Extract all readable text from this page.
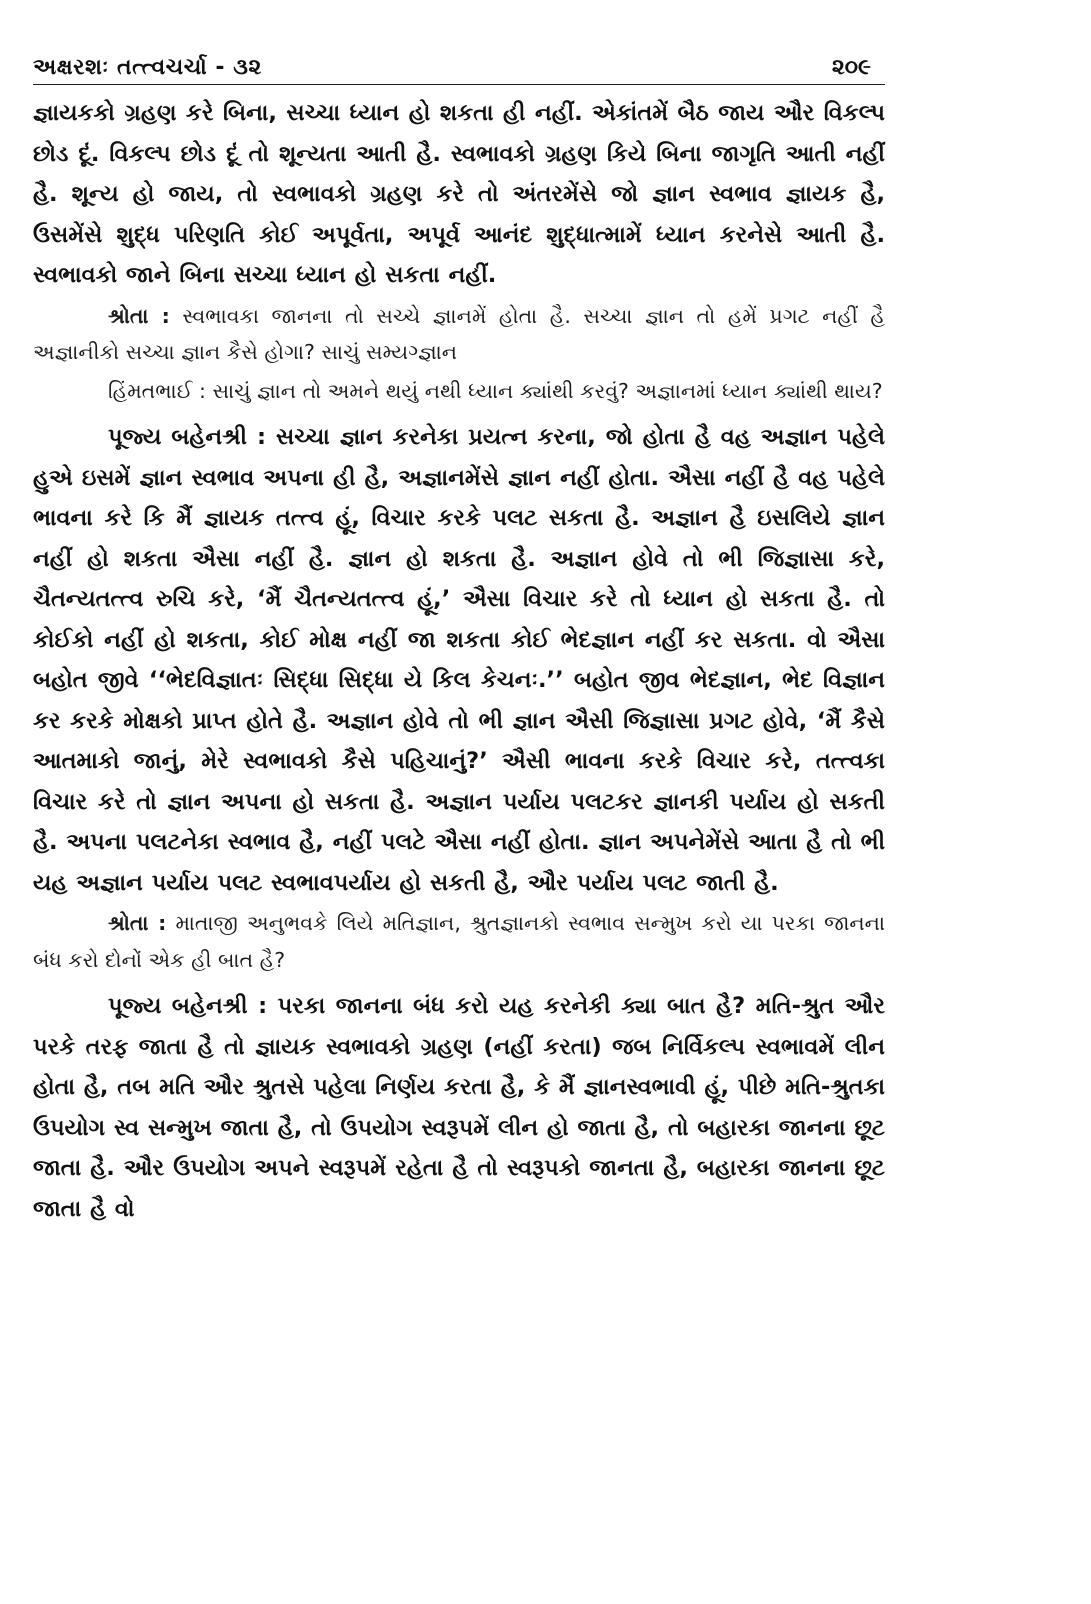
અક્ષરશઃ તત્ત્વચર્ચા - ૩૨	૨૦૯

જ્ઞાયકકો ગ્રહણ કરે બિના, સચ્ચા ધ્યાન હો શકતા હી નહીં. એકાંતમેં બૈઠ જાય ઔર વિકલ્પ છોડ દૂં. વિકલ્પ છોડ દૂં તો શૂન્યતા આતી હૈ. સ્વભાવકો ગ્રહણ કિયે બિના જાગૃતિ આતી નહીં હૈ. શૂન્ય હો જાય, તો સ્વભાવકો ગ્રહણ કરે તો અંતરમેંસે જો જ્ઞાન સ્વભાવ જ્ઞાયક હૈ, ઉસમેંસે શુદ્ધ પરિણતિ કોઈ અપૂર્વતા, અપૂર્વ આનંદ શુદ્ધાત્મામેં ધ્યાન કરનેસે આતી હૈ. સ્વભાવકો જાને બિના સચ્ચા ધ્યાન હો સકતા નહીં.

શ્રોતા : સ્વભાવકા જાનના તો સચ્ચે જ્ઞાનમેં હોતા હૈ. સચ્ચા જ્ઞાન તો હમેં પ્રગટ નહીં હૈ અજ્ઞાનીકો સચ્ચા જ્ઞાન કૈસે હોગા? સાચું સમ્યગ્જ્ઞાન

હિંમતભાઈ : સાચું જ્ઞાન તો અમને થયું નથી ધ્યાન ક્યાંથી કરવું? અજ્ઞાનમાં ધ્યાન ક્યાંથી થાય?

પૂજ્ય બહેનશ્રી : સચ્ચા જ્ઞાન કરનેકા પ્રયત્ન કરના, જો હોતા હૈ વહ અજ્ઞાન પહેલે હુએ ઇસમેં જ્ઞાન સ્વભાવ અપના હી હૈ, અજ્ઞાનમેંસે જ્ઞાન નહીં હોતા. ઐસા નહીં હૈ વહ પહેલે ભાવના કરે કિ મૈં જ્ઞાયક તત્ત્વ હૂં, વિચાર કરકે પલટ સકતા હૈ. અજ્ઞાન હૈ ઇસલિયે જ્ઞાન નહીં હો શકતા ઐસા નહીં હૈ. જ્ઞાન હો શકતા હૈ. અજ્ઞાન હોવે તો ભી જિજ્ઞાસા કરે, ચૈતન્યતત્ત્વ રુચિ કરે, ‘મૈં ચૈતન્યતત્ત્વ હૂં,’ ઐસા વિચાર કરે તો ધ્યાન હો સકતા હૈ. તો કોઈકો નહીં હો શકતા, કોઈ મોક્ષ નહીં જા શકતા કોઈ ભેદજ્ઞાન નહીં કર સકતા. વો ઐસા બહોત જીવે ‘‘ભેદવિજ્ઞાતઃ સિદ્ધા સિદ્ધા યે કિલ કેચનઃ.’’ બહોત જીવ ભેદજ્ઞાન, ભેદ વિજ્ઞાન કર કરકે મોક્ષકો પ્રાપ્ત હોતે હૈ. અજ્ઞાન હોવે તો ભી જ્ઞાન ઐસી જિજ્ઞાસા પ્રગટ હોવે, ‘મૈં કૈસે આતમાકો જાનું, મેરે સ્વભાવકો કૈસે પહિચાનું?’ ઐસી ભાવના કરકે વિચાર કરે, તત્ત્વકા વિચાર કરે તો જ્ઞાન અપના હો સકતા હૈ. અજ્ઞાન પર્યાય પલટકર જ્ઞાનકી પર્યાય હો સકતી હૈ. અપના પલટનેકા સ્વભાવ હૈ, નહીં પલટે ઐસા નહીં હોતા. જ્ઞાન અપનેમેંસે આતા હૈ તો ભી યહ અજ્ઞાન પર્યાય પલટ સ્વભાવપર્યાય હો સકતી હૈ, ઔર પર્યાય પલટ જાતી હૈ.

શ્રોતા : માતાજી અનુભવકે લિયે મતિજ્ઞાન, શ્રુતજ્ઞાનકો સ્વભાવ સન્મુખ કરો યા પરકા જાનના બંધ કરો દોનોં એક હી બાત હૈ?

પૂજ્ય બહેનશ્રી : પરકા જાનના બંધ કરો યહ કરનેકી ક્યા બાત હૈ? મતિ-શ્રુત ઔર પરકે તરફ જાતા હૈ તો જ્ઞાયક સ્વભાવકો ગ્રહણ (નહીં કરતા) જબ નિર્વિકલ્પ સ્વભાવમેં લીન હોતા હૈ, તબ મતિ ઔર શ્રુતસે પહેલા નિર્ણય કરતા હૈ, કે મૈં જ્ઞાનસ્વભાવી હૂં, પીછે મતિ-શ્રુતકા ઉપયોગ સ્વ સન્મુખ જાતા હૈ, તો ઉપયોગ સ્વરૂપમેં લીન હો જાતા હૈ, તો બહારકા જાનના છૂટ જાતા હૈ. ઔર ઉપયોગ અપને સ્વરૂપમેં રહેતા હૈ તો સ્વરૂપકો જાનતા હૈ, બહારકા જાનના છૂટ જાતા હૈ વો
